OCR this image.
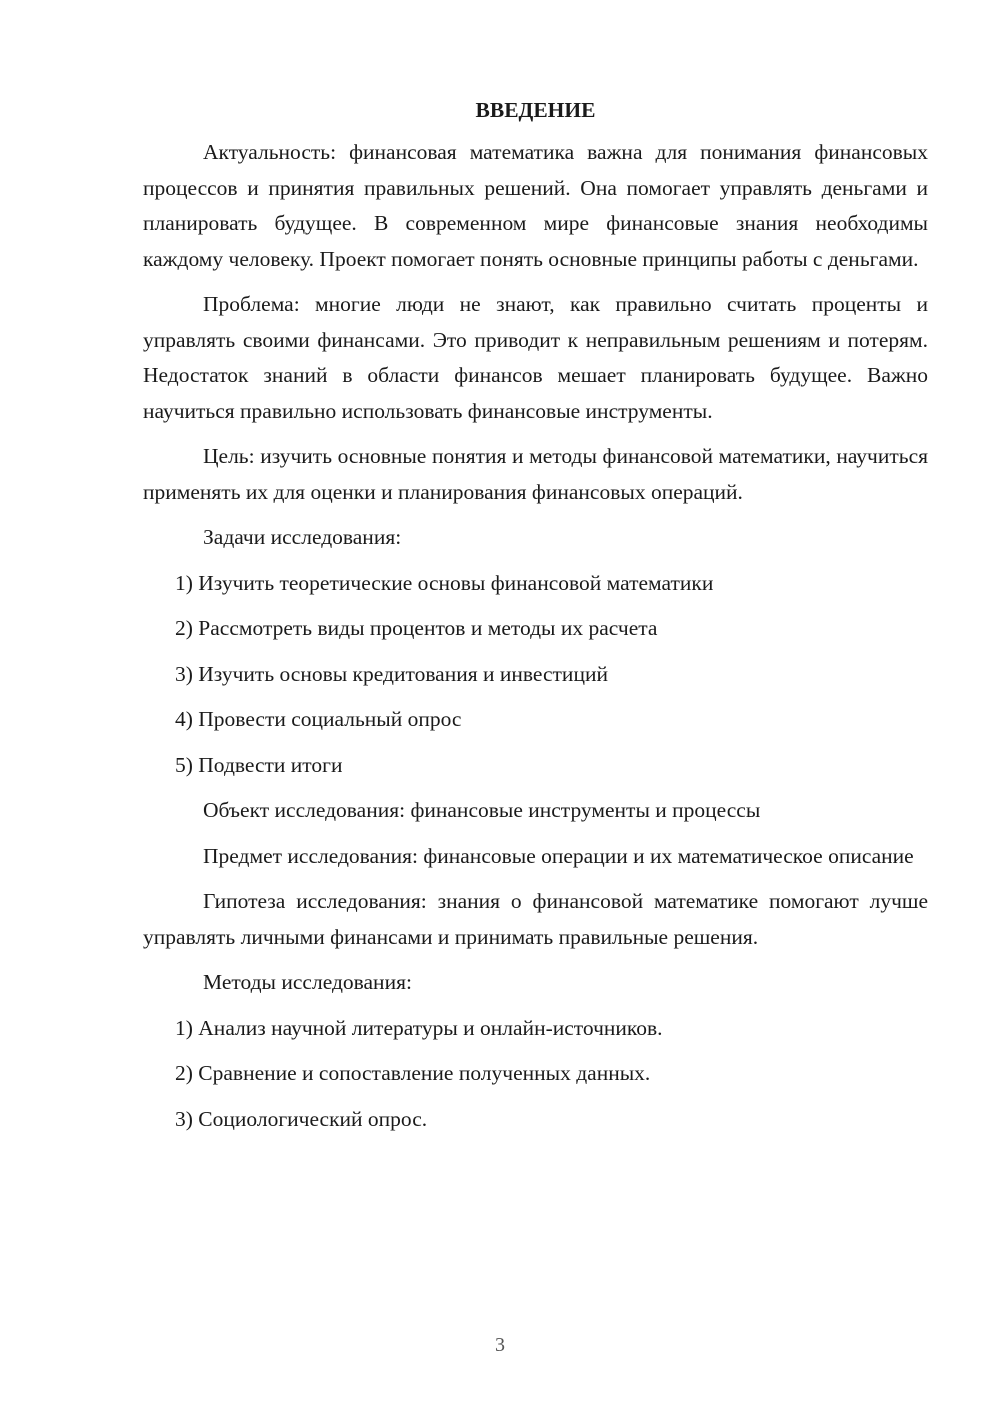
ВВЕДЕНИЕ
Актуальность: финансовая математика важна для понимания финансовых процессов и принятия правильных решений. Она помогает управлять деньгами и планировать будущее. В современном мире финансовые знания необходимы каждому человеку. Проект помогает понять основные принципы работы с деньгами.
Проблема: многие люди не знают, как правильно считать проценты и управлять своими финансами. Это приводит к неправильным решениям и потерям. Недостаток знаний в области финансов мешает планировать будущее. Важно научиться правильно использовать финансовые инструменты.
Цель: изучить основные понятия и методы финансовой математики, научиться применять их для оценки и планирования финансовых операций.
Задачи исследования:
1) Изучить теоретические основы финансовой математики
2) Рассмотреть виды процентов и методы их расчета
3) Изучить основы кредитования и инвестиций
4) Провести социальный опрос
5) Подвести итоги
Объект исследования: финансовые инструменты и процессы
Предмет исследования: финансовые операции и их математическое описание
Гипотеза исследования: знания о финансовой математике помогают лучше управлять личными финансами и принимать правильные решения.
Методы исследования:
1) Анализ научной литературы и онлайн-источников.
2) Сравнение и сопоставление полученных данных.
3) Социологический опрос.
3
